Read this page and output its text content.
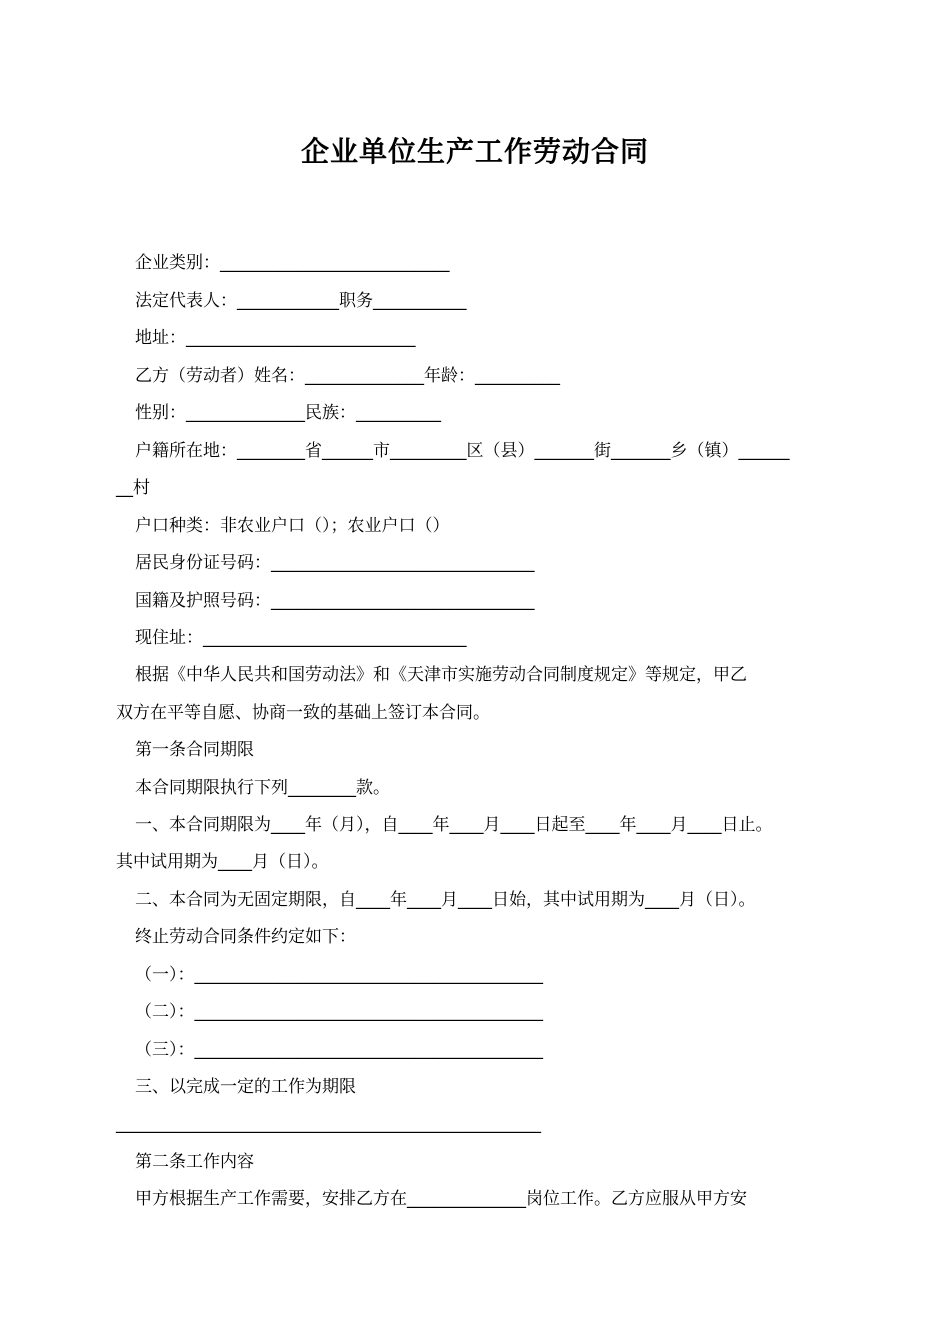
企业单位生产工作劳动合同
企业类别：___________________________
法定代表人：____________职务___________
地址：___________________________
乙方（劳动者）姓名：______________年龄：__________
性别：______________民族：__________
户籍所在地：________省______市_________区（县）_______街_______乡（镇）______
__村
户口种类：非农业户口（）；农业户口（）
居民身份证号码：_______________________________
国籍及护照号码：_______________________________
现住址：_______________________________
根据《中华人民共和国劳动法》和《天津市实施劳动合同制度规定》等规定，甲乙
双方在平等自愿、协商一致的基础上签订本合同。
第一条合同期限
本合同期限执行下列________款。
一、本合同期限为____年（月），自____年____月____日起至____年____月____日止。
其中试用期为____月（日）。
二、本合同为无固定期限，自____年____月____日始，其中试用期为____月（日）。
终止劳动合同条件约定如下：
（一）：_________________________________________
（二）：_________________________________________
（三）：_________________________________________
三、以完成一定的工作为期限
__________________________________________________
第二条工作内容
甲方根据生产工作需要，安排乙方在______________岗位工作。乙方应服从甲方安
